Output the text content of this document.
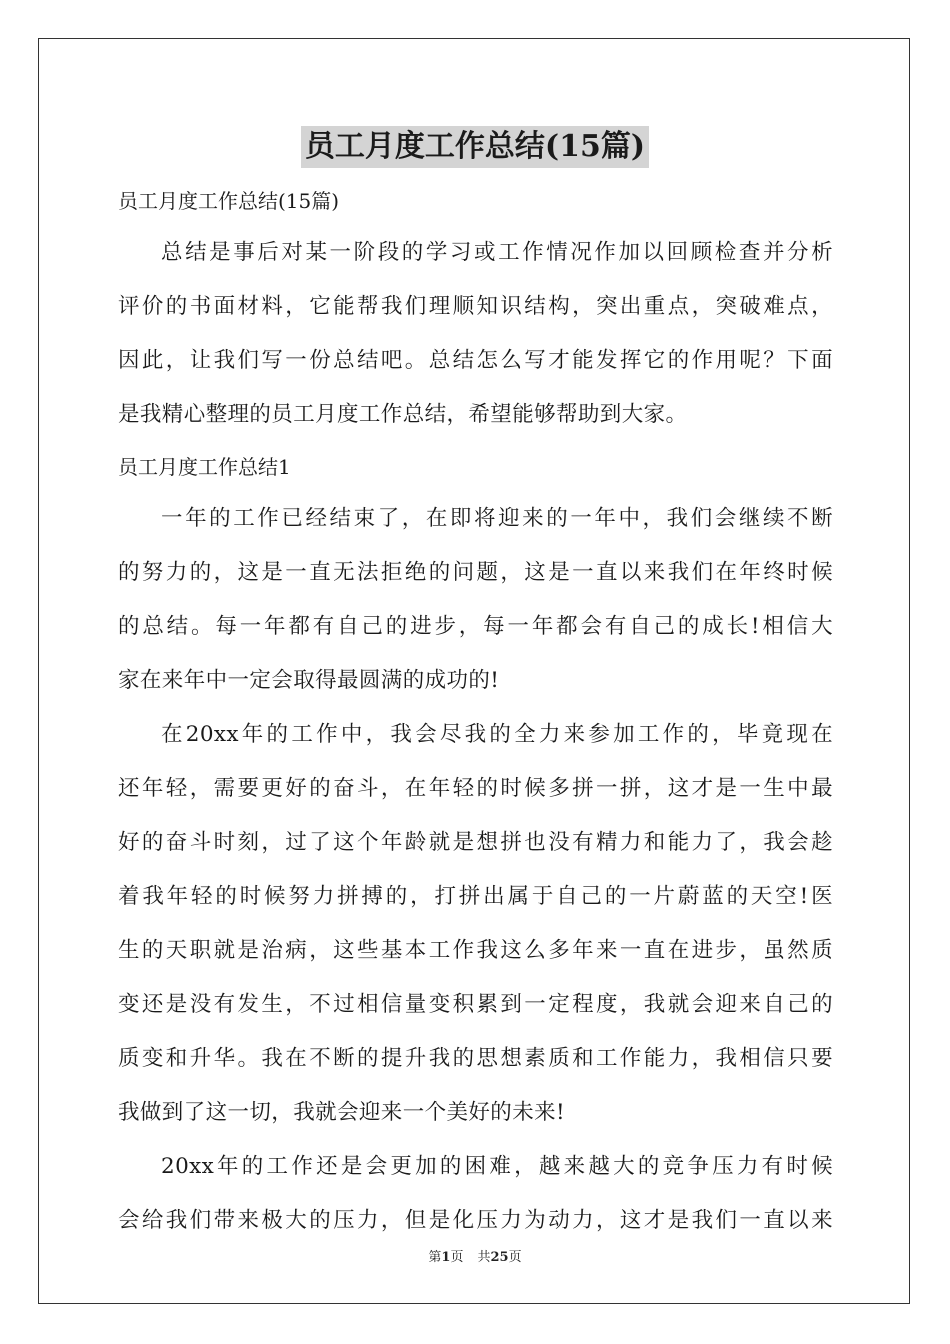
员工月度工作总结(15篇)
员工月度工作总结(15篇)
总结是事后对某一阶段的学习或工作情况作加以回顾检查并分析
评价的书面材料，它能帮我们理顺知识结构，突出重点，突破难点，
因此，让我们写一份总结吧。总结怎么写才能发挥它的作用呢？下面
是我精心整理的员工月度工作总结，希望能够帮助到大家。
员工月度工作总结1
一年的工作已经结束了，在即将迎来的一年中，我们会继续不断
的努力的，这是一直无法拒绝的问题，这是一直以来我们在年终时候
的总结。每一年都有自己的进步，每一年都会有自己的成长!相信大
家在来年中一定会取得最圆满的成功的!
在20xx年的工作中，我会尽我的全力来参加工作的，毕竟现在
还年轻，需要更好的奋斗，在年轻的时候多拼一拼，这才是一生中最
好的奋斗时刻，过了这个年龄就是想拼也没有精力和能力了，我会趁
着我年轻的时候努力拼搏的，打拼出属于自己的一片蔚蓝的天空!医
生的天职就是治病，这些基本工作我这么多年来一直在进步，虽然质
变还是没有发生，不过相信量变积累到一定程度，我就会迎来自己的
质变和升华。我在不断的提升我的思想素质和工作能力，我相信只要
我做到了这一切，我就会迎来一个美好的未来!
20xx年的工作还是会更加的困难，越来越大的竞争压力有时候
会给我们带来极大的压力，但是化压力为动力，这才是我们一直以来
第1页 共25页
